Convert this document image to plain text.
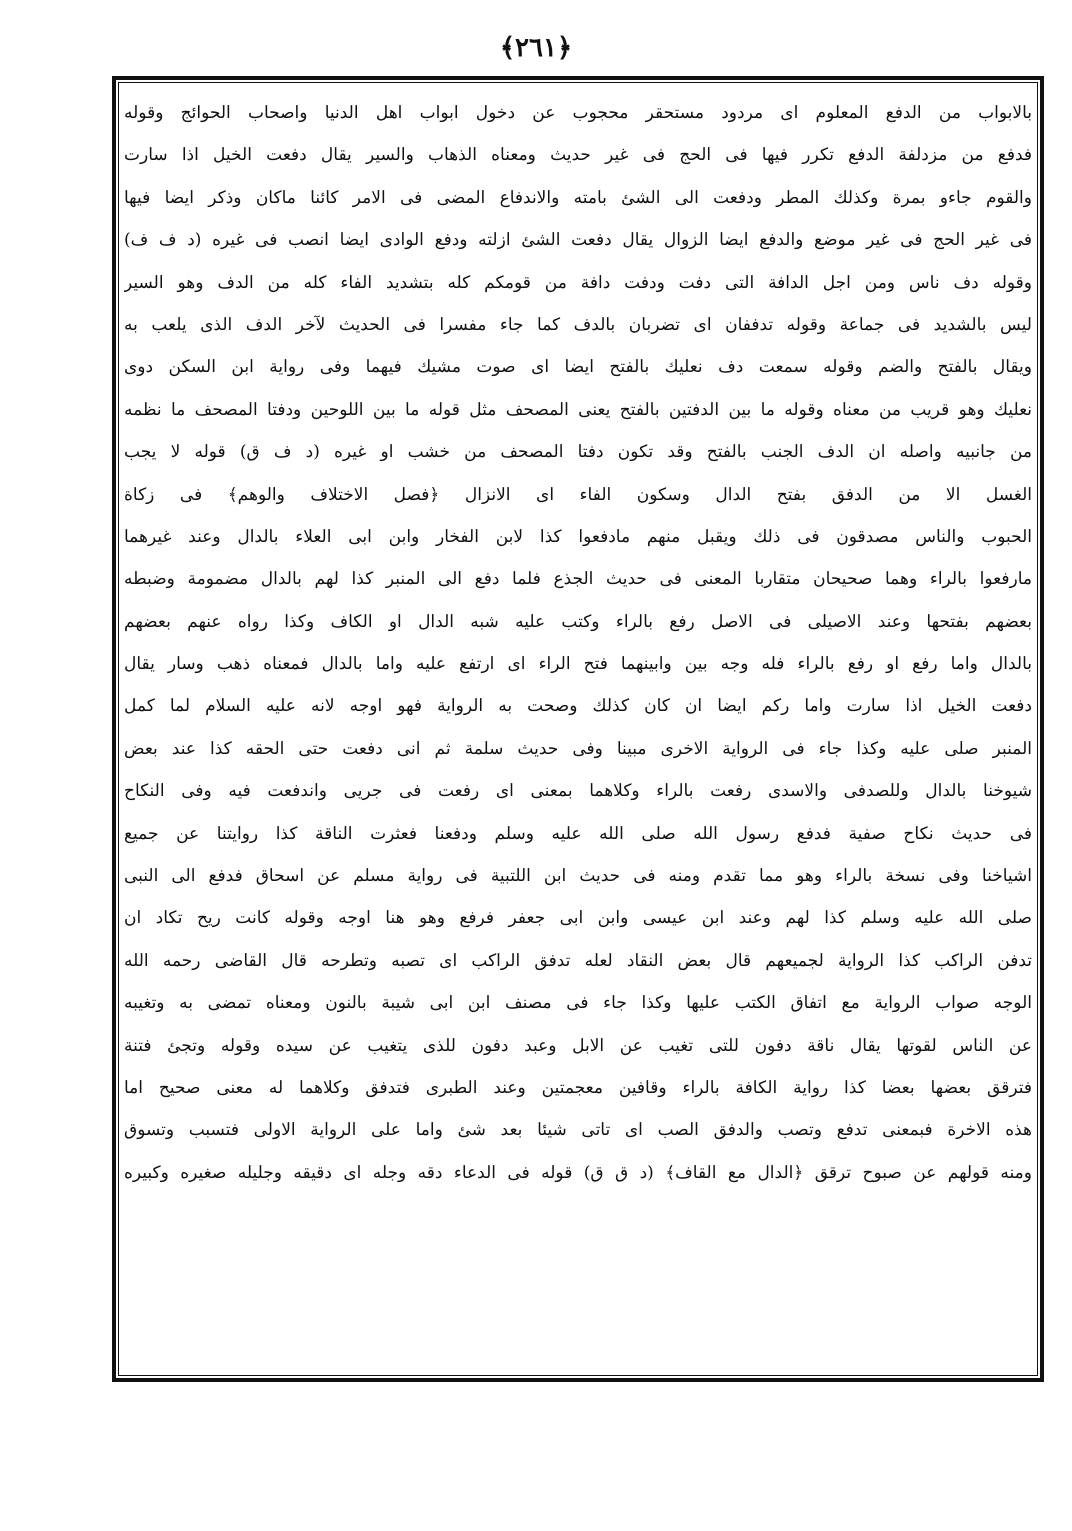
﴿٢٦١﴾
بالابواب من الدفع المعلوم اى مردود مستحقر محجوب عن دخول ابواب اهل الدنيا واصحاب الحوائج وقوله
فدفع من مزدلفة الدفع تكرر فيها فى الحج فى غير حديث ومعناه الذهاب والسير يقال دفعت الخيل اذا سارت
والقوم جاءو بمرة وكذلك المطر ودفعت الى الشئ بامته والاندفاع المضى فى الامر كائنا ماكان وذكر ايضا فيها
فى غير الحج فى غير موضع والدفع ايضا الزوال يقال دفعت الشئ ازلته ودفع الوادى ايضا انصب فى غيره (د ف ف)
وقوله دف ناس ومن اجل الدافة التى دفت ودفت دافة من قومكم كله بتشديد الفاء كله من الدف وهو السير
ليس بالشديد فى جماعة وقوله تدففان اى تضربان بالدف كما جاء مفسرا فى الحديث لآخر الدف الذى يلعب به
ويقال بالفتح والضم وقوله سمعت دف نعليك بالفتح ايضا اى صوت مشيك فيهما وفى رواية ابن السكن دوى
نعليك وهو قريب من معناه وقوله ما بين الدفتين بالفتح يعنى المصحف مثل قوله ما بين اللوحين ودفتا المصحف ما نظمه
من جانبيه واصله ان الدف الجنب بالفتح وقد تكون دفتا المصحف من خشب او غيره (د ف ق) قوله لا يجب
الغسل الا من الدفق بفتح الدال وسكون الفاء اى الانزال ﴿فصل الاختلاف والوهم﴾ فى زكاة
الحبوب والناس مصدقون فى ذلك ويقبل منهم مادفعوا كذا لابن الفخار وابن ابى العلاء بالدال وعند غيرهما
مارفعوا بالراء وهما صحيحان متقاربا المعنى فى حديث الجذع فلما دفع الى المنبر كذا لهم بالدال مضمومة وضبطه
بعضهم بفتحها وعند الاصيلى فى الاصل رفع بالراء وكتب عليه شبه الدال او الكاف وكذا رواه عنهم بعضهم
بالدال واما رفع او رفع بالراء فله وجه بين وابينهما فتح الراء اى ارتفع عليه واما بالدال فمعناه ذهب وسار يقال
دفعت الخيل اذا سارت واما ركم ايضا ان كان كذلك وصحت به الرواية فهو اوجه لانه عليه السلام لما كمل
المنبر صلى عليه وكذا جاء فى الرواية الاخرى مبينا وفى حديث سلمة ثم انى دفعت حتى الحقه كذا عند بعض
شيوخنا بالدال وللصدفى والاسدى رفعت بالراء وكلاهما بمعنى اى رفعت فى جريى واندفعت فيه وفى النكاح
فى حديث نكاح صفية فدفع رسول الله صلى الله عليه وسلم ودفعنا فعثرت الناقة كذا روايتنا عن جميع
اشياخنا وفى نسخة بالراء وهو مما تقدم ومنه فى حديث ابن اللتبية فى رواية مسلم عن اسحاق فدفع الى النبى
صلى الله عليه وسلم كذا لهم وعند ابن عيسى وابن ابى جعفر فرفع وهو هنا اوجه وقوله كانت ريح تكاد ان
تدفن الراكب كذا الرواية لجميعهم قال بعض النقاد لعله تدفق الراكب اى تصبه وتطرحه قال القاضى رحمه الله
الوجه صواب الرواية مع اتفاق الكتب عليها وكذا جاء فى مصنف ابن ابى شيبة بالنون ومعناه تمضى به وتغيبه
عن الناس لقوتها يقال ناقة دفون للتى تغيب عن الابل وعبد دفون للذى يتغيب عن سيده وقوله وتجئ فتنة
فترقق بعضها بعضا كذا رواية الكافة بالراء وقافين معجمتين وعند الطبرى فتدفق وكلاهما له معنى صحيح اما
هذه الاخرة فبمعنى تدفع وتصب والدفق الصب اى تاتى شيئا بعد شئ واما على الرواية الاولى فتسبب وتسوق
ومنه قولهم عن صبوح ترقق ﴿الدال مع القاف﴾ (د ق ق) قوله فى الدعاء دقه وجله اى دقيقه وجليله صغيره وكبيره
